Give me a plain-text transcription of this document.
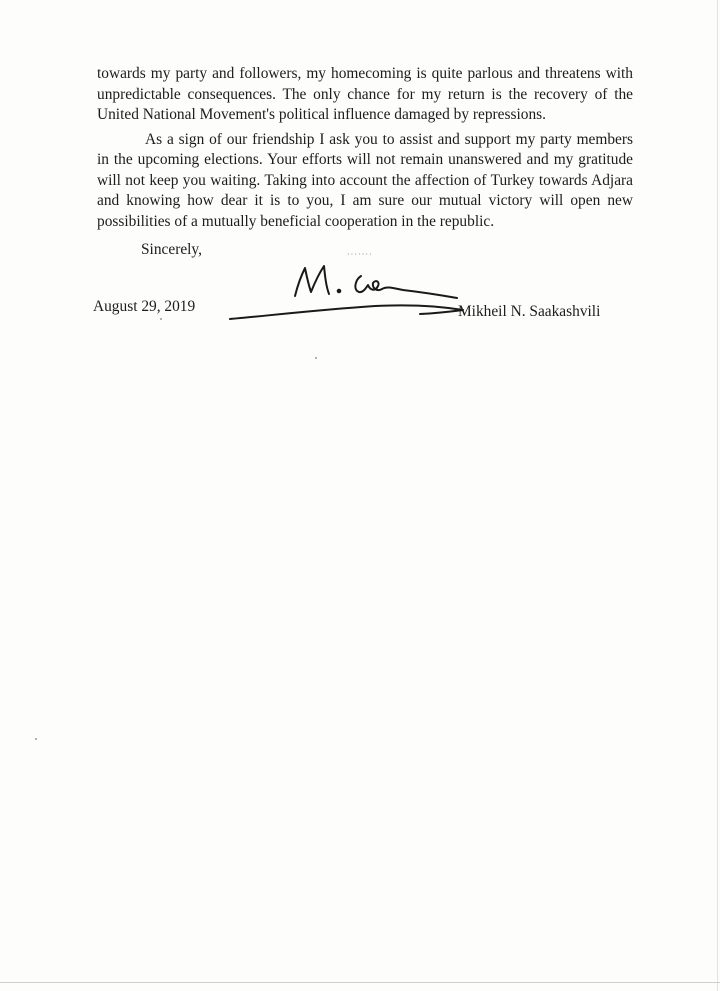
towards my party and followers, my homecoming is quite parlous and threatens with unpredictable consequences. The only chance for my return is the recovery of the United National Movement's political influence damaged by repressions.

As a sign of our friendship I ask you to assist and support my party members in the upcoming elections. Your efforts will not remain unanswered and my gratitude will not keep you waiting. Taking into account the affection of Turkey towards Adjara and knowing how dear it is to you, I am sure our mutual victory will open new possibilities of a mutually beneficial cooperation in the republic.

Sincerely,	·······
August 29, 2019	Mikheil N. Saakashvili
